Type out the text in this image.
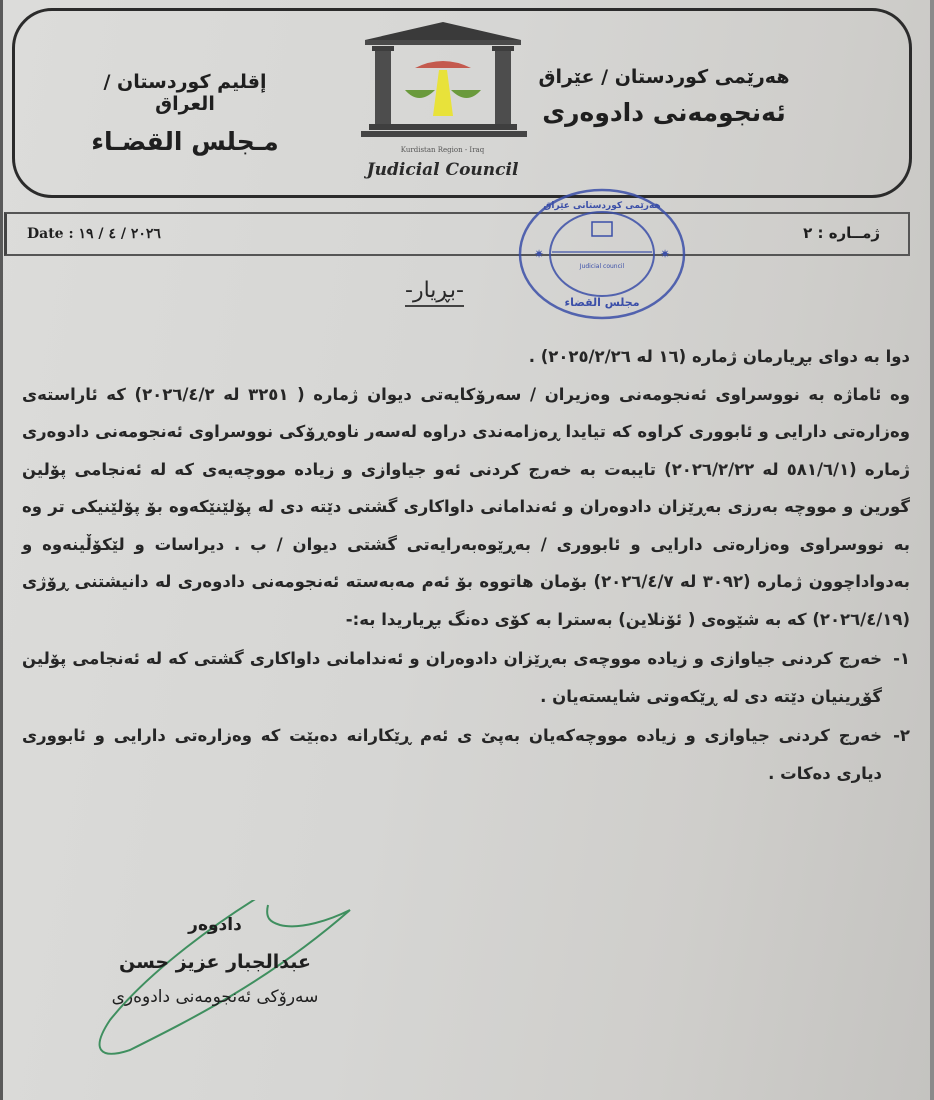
إقليم كوردستان / العراق
مـجلس القضـاء
هەرێمی کوردستان / عێراق
ئەنجومەنی دادوەری
Kurdistan Region - Iraq
Judicial Council
Date : ٢٠٢٦ / ٤ / ١٩	ژمــاره : ٢
Judicial council
✷	✷
مجلس القضاء
هەرێمی کوردستانی عێراق
-بڕیار-

دوا بە دوای بڕیارمان ژمارە (١٦ لە ٢٠٢٥/٢/٢٦) .

وە ئاماژە بە نووسراوی ئەنجومەنی وەزیران / سەرۆکایەتی دیوان ژمارە ( ٣٢٥١ لە ٢٠٢٦/٤/٢) کە ئاراستەی وەزارەتی دارایی و ئابووری کراوە کە تیایدا ڕەزامەندی دراوە لەسەر ناوەڕۆکی نووسراوی ئەنجومەنی دادوەری ژمارە (٥٨١/٦/١ لە ٢٠٢٦/٢/٢٢) تایبەت بە خەرج کردنی ئەو جیاوازی و زیادە مووچەیەی کە لە ئەنجامی پۆلین گورین و مووچە بەرزی بەڕێزان دادوەران و ئەندامانی داواکاری گشتی دێتە دی لە پۆلێنێکەوە بۆ پۆلێنیکی تر وە بە نووسراوی وەزارەتی دارایی و ئابووری / بەڕێوەبەرایەتی گشتی دیوان / ب . دیراسات و لێکۆڵینەوە و بەدواداچوون ژمارە (٣٠٩٢ لە ٢٠٢٦/٤/٧) بۆمان هاتووە بۆ ئەم مەبەستە ئەنجومەنی دادوەری لە دانیشتنی ڕۆژی (٢٠٢٦/٤/١٩) کە بە شێوەی ( ئۆنلاین) بەسترا بە کۆی دەنگ بڕیاریدا بە:-

١-
خەرج کردنی جیاوازی و زیادە مووچەی بەڕێزان دادوەران و ئەندامانی داواکاری گشتی کە لە ئەنجامی پۆلین گۆڕینیان دێتە دی لە ڕێکەوتی شایستەیان .
٢-
خەرج کردنی جیاوازی و زیادە مووچەکەیان بەپێ ی ئەم ڕێکارانە دەبێت کە وەزارەتی دارایی و ئابووری دیاری دەکات .
دادوەر
عبدالجبار عزيز حسن
سەرۆکی ئەنجومەنی دادوەری
